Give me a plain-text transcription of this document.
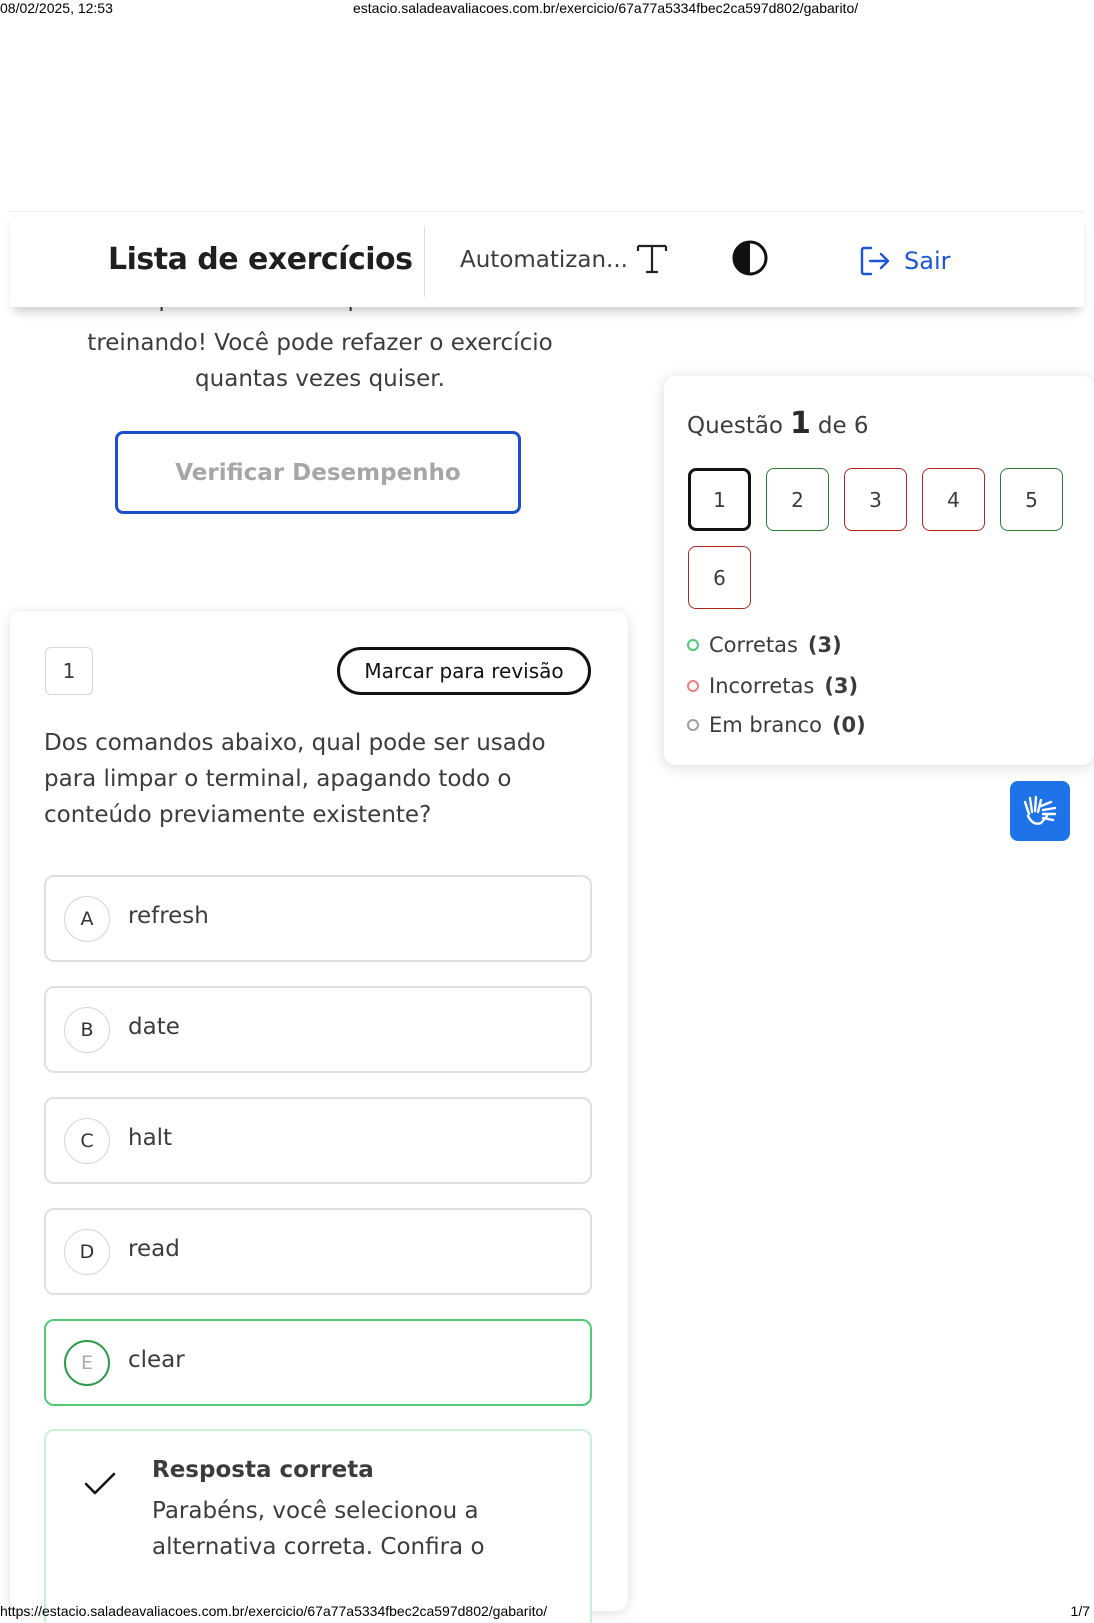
08/02/2025, 12:53	estacio.saladeavaliacoes.com.br/exercicio/67a77a5334fbec2ca597d802/gabarito/
Lista de exercícios Automatizan...	Sair
treinando! Você pode refazer o exercício quantas vezes quiser.
Verificar Desempenho
1	Marcar para revisão
Dos comandos abaixo, qual pode ser usado para limpar o terminal, apagando todo o conteúdo previamente existente?
A	refresh
B	date
C	halt
D	read
E	clear
Resposta correta
Parabéns, você selecionou a alternativa correta. Confira o
Questão 1 de 6
1	2	3	4	5
6
Corretas (3)
Incorretas (3)
Em branco (0)
https://estacio.saladeavaliacoes.com.br/exercicio/67a77a5334fbec2ca597d802/gabarito/	1/7
